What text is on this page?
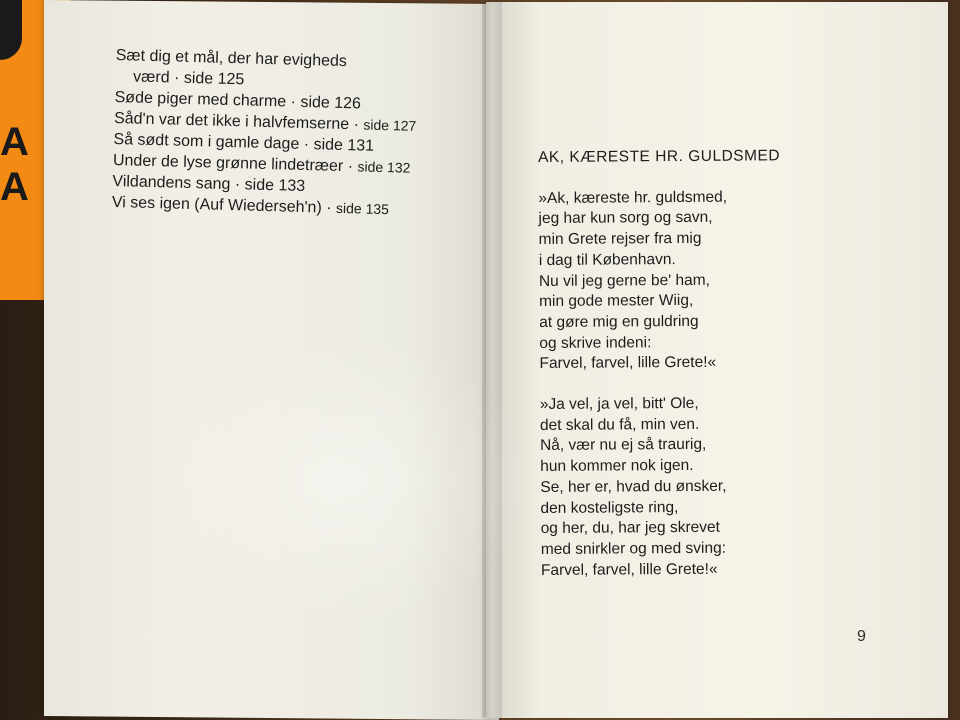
A
A
Sæt dig et mål, der har evigheds
værd · side 125
Søde piger med charme · side 126
Såd'n var det ikke i halvfemserne · side 127
Så sødt som i gamle dage · side 131
Under de lyse grønne lindetræer · side 132
Vildandens sang · side 133
Vi ses igen (Auf Wiederseh'n) · side 135
AK, KÆRESTE HR. GULDSMED
»Ak, kæreste hr. guldsmed,
jeg har kun sorg og savn,
min Grete rejser fra mig
i dag til København.
Nu vil jeg gerne be' ham,
min gode mester Wiig,
at gøre mig en guldring
og skrive indeni:
Farvel, farvel, lille Grete!«
»Ja vel, ja vel, bitt' Ole,
det skal du få, min ven.
Nå, vær nu ej så traurig,
hun kommer nok igen.
Se, her er, hvad du ønsker,
den kosteligste ring,
og her, du, har jeg skrevet
med snirkler og med sving:
Farvel, farvel, lille Grete!«
9
